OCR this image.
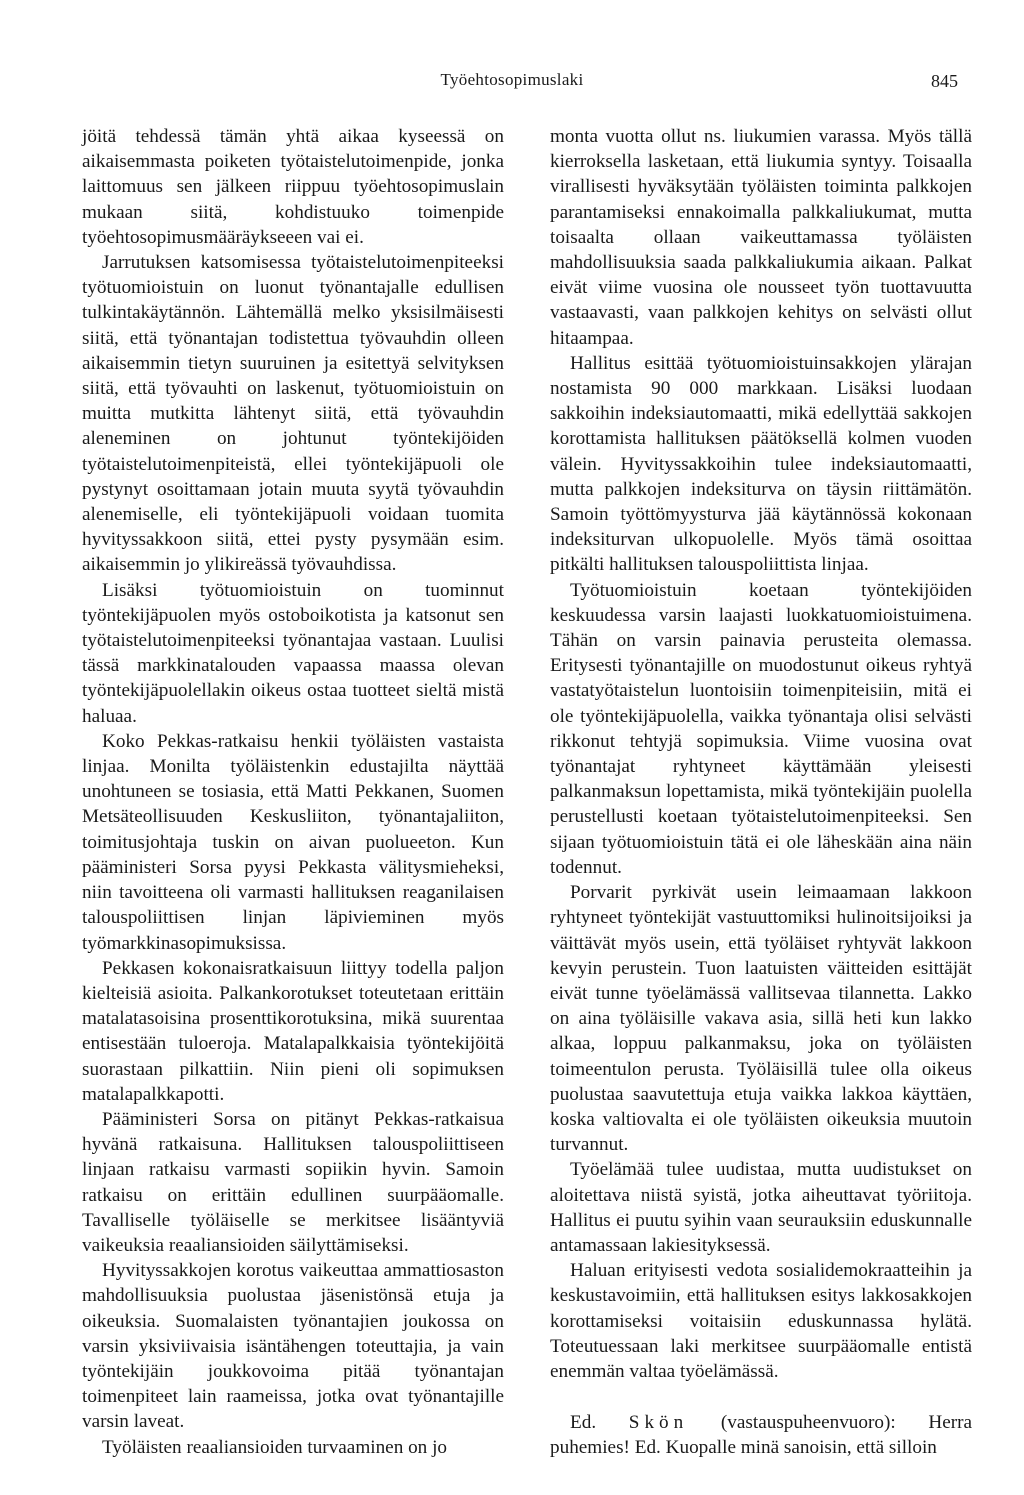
Työehtosopimuslaki	845

jöitä tehdessä tämän yhtä aikaa kyseessä on aikaisemmasta poiketen työtaistelutoimenpide, jonka laittomuus sen jälkeen riippuu työehtosopimuslain mukaan siitä, kohdistuuko toimenpide työehtosopimusmääräykseeen vai ei.

Jarrutuksen katsomisessa työtaistelutoimenpiteeksi työtuomioistuin on luonut työnantajalle edullisen tulkintakäytännön. Lähtemällä melko yksisilmäisesti siitä, että työnantajan todistettua työvauhdin olleen aikaisemmin tietyn suuruinen ja esitettyä selvityksen siitä, että työvauhti on laskenut, työtuomioistuin on muitta mutkitta lähtenyt siitä, että työvauhdin aleneminen on johtunut työntekijöiden työtaistelutoimenpiteistä, ellei työntekijäpuoli ole pystynyt osoittamaan jotain muuta syytä työvauhdin alenemiselle, eli työntekijäpuoli voidaan tuomita hyvityssakkoon siitä, ettei pysty pysymään esim. aikaisemmin jo ylikireässä työvauhdissa.

Lisäksi työtuomioistuin on tuominnut työntekijäpuolen myös ostoboikotista ja katsonut sen työtaistelutoimenpiteeksi työnantajaa vastaan. Luulisi tässä markkinatalouden vapaassa maassa olevan työntekijäpuolellakin oikeus ostaa tuotteet sieltä mistä haluaa.

Koko Pekkas-ratkaisu henkii työläisten vastaista linjaa. Monilta työläistenkin edustajilta näyttää unohtuneen se tosiasia, että Matti Pekkanen, Suomen Metsäteollisuuden Keskusliiton, työnantajaliiton, toimitusjohtaja tuskin on aivan puolueeton. Kun pääministeri Sorsa pyysi Pekkasta välitysmieheksi, niin tavoitteena oli varmasti hallituksen reaganilaisen talouspoliittisen linjan läpivieminen myös työmarkkinasopimuksissa.

Pekkasen kokonaisratkaisuun liittyy todella paljon kielteisiä asioita. Palkankorotukset toteutetaan erittäin matalatasoisina prosenttikorotuksina, mikä suurentaa entisestään tuloeroja. Matalapalkkaisia työntekijöitä suorastaan pilkattiin. Niin pieni oli sopimuksen matalapalkkapotti.

Pääministeri Sorsa on pitänyt Pekkas-ratkaisua hyvänä ratkaisuna. Hallituksen talouspoliittiseen linjaan ratkaisu varmasti sopiikin hyvin. Samoin ratkaisu on erittäin edullinen suurpääomalle. Tavalliselle työläiselle se merkitsee lisääntyviä vaikeuksia reaaliansioiden säilyttämiseksi.

Hyvityssakkojen korotus vaikeuttaa ammattiosaston mahdollisuuksia puolustaa jäsenistönsä etuja ja oikeuksia. Suomalaisten työnantajien joukossa on varsin yksiviivaisia isäntähengen toteuttajia, ja vain työntekijäin joukkovoima pitää työnantajan toimenpiteet lain raameissa, jotka ovat työnantajille varsin laveat.

Työläisten reaaliansioiden turvaaminen on jo

monta vuotta ollut ns. liukumien varassa. Myös tällä kierroksella lasketaan, että liukumia syntyy. Toisaalla virallisesti hyväksytään työläisten toiminta palkkojen parantamiseksi ennakoimalla palkkaliukumat, mutta toisaalta ollaan vaikeuttamassa työläisten mahdollisuuksia saada palkkaliukumia aikaan. Palkat eivät viime vuosina ole nousseet työn tuottavuutta vastaavasti, vaan palkkojen kehitys on selvästi ollut hitaampaa.

Hallitus esittää työtuomioistuinsakkojen ylärajan nostamista 90 000 markkaan. Lisäksi luodaan sakkoihin indeksiautomaatti, mikä edellyttää sakkojen korottamista hallituksen päätöksellä kolmen vuoden välein. Hyvityssakkoihin tulee indeksiautomaatti, mutta palkkojen indeksiturva on täysin riittämätön. Samoin työttömyysturva jää käytännössä kokonaan indeksiturvan ulkopuolelle. Myös tämä osoittaa pitkälti hallituksen talouspoliittista linjaa.

Työtuomioistuin koetaan työntekijöiden keskuudessa varsin laajasti luokkatuomioistuimena. Tähän on varsin painavia perusteita olemassa. Eritysesti työnantajille on muodostunut oikeus ryhtyä vastatyötaistelun luontoisiin toimenpiteisiin, mitä ei ole työntekijäpuolella, vaikka työnantaja olisi selvästi rikkonut tehtyjä sopimuksia. Viime vuosina ovat työnantajat ryhtyneet käyttämään yleisesti palkanmaksun lopettamista, mikä työntekijäin puolella perustellusti koetaan työtaistelutoimenpiteeksi. Sen sijaan työtuomioistuin tätä ei ole läheskään aina näin todennut.

Porvarit pyrkivät usein leimaamaan lakkoon ryhtyneet työntekijät vastuuttomiksi hulinoitsijoiksi ja väittävät myös usein, että työläiset ryhtyvät lakkoon kevyin perustein. Tuon laatuisten väitteiden esittäjät eivät tunne työelämässä vallitsevaa tilannetta. Lakko on aina työläisille vakava asia, sillä heti kun lakko alkaa, loppuu palkanmaksu, joka on työläisten toimeentulon perusta. Työläisillä tulee olla oikeus puolustaa saavutettuja etuja vaikka lakkoa käyttäen, koska valtiovalta ei ole työläisten oikeuksia muutoin turvannut.

Työelämää tulee uudistaa, mutta uudistukset on aloitettava niistä syistä, jotka aiheuttavat työriitoja. Hallitus ei puutu syihin vaan seurauksiin eduskunnalle antamassaan lakiesityksessä.

Haluan erityisesti vedota sosialidemokraatteihin ja keskustavoimiin, että hallituksen esitys lakkosakkojen korottamiseksi voitaisiin eduskunnassa hylätä. Toteutuessaan laki merkitsee suurpääomalle entistä enemmän valtaa työelämässä.

Ed. Skön (vastauspuheenvuoro): Herra puhemies! Ed. Kuopalle minä sanoisin, että silloin
